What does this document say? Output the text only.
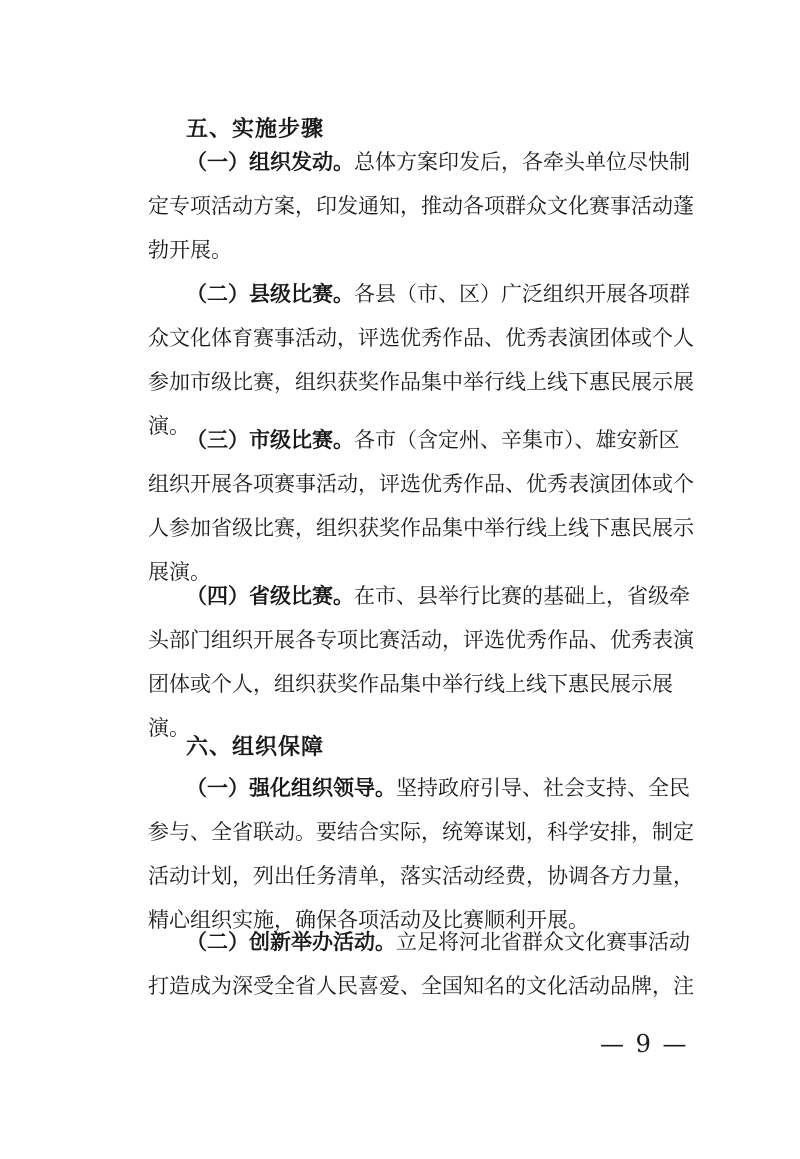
五、实施步骤
（一）组织发动。总体方案印发后，各牵头单位尽快制
定专项活动方案，印发通知，推动各项群众文化赛事活动蓬
勃开展。
（二）县级比赛。各县（市、区）广泛组织开展各项群
众文化体育赛事活动，评选优秀作品、优秀表演团体或个人
参加市级比赛，组织获奖作品集中举行线上线下惠民展示展
演。
（三）市级比赛。各市（含定州、辛集市）、雄安新区
组织开展各项赛事活动，评选优秀作品、优秀表演团体或个
人参加省级比赛，组织获奖作品集中举行线上线下惠民展示
展演。
（四）省级比赛。在市、县举行比赛的基础上，省级牵
头部门组织开展各专项比赛活动，评选优秀作品、优秀表演
团体或个人，组织获奖作品集中举行线上线下惠民展示展
演。
六、组织保障
（一）强化组织领导。坚持政府引导、社会支持、全民
参与、全省联动。要结合实际，统筹谋划，科学安排，制定
活动计划，列出任务清单，落实活动经费，协调各方力量，
精心组织实施，确保各项活动及比赛顺利开展。
（二）创新举办活动。立足将河北省群众文化赛事活动
打造成为深受全省人民喜爱、全国知名的文化活动品牌，注
— 9 —
